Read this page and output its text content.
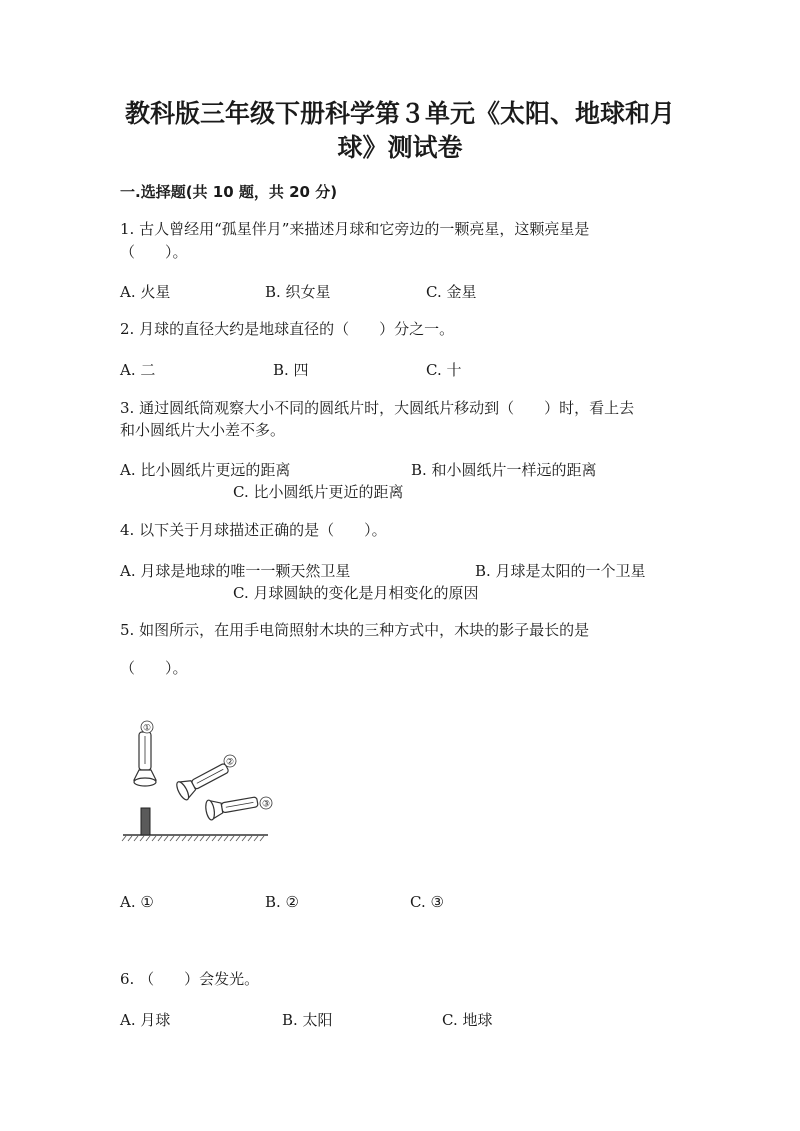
教科版三年级下册科学第３单元《太阳、地球和月
球》测试卷
一.选择题(共 10 题，共 20 分)
1. 古人曾经用“孤星伴月”来描述月球和它旁边的一颗亮星，这颗亮星是
（　　）。
A. 火星	B. 织女星	C. 金星
2. 月球的直径大约是地球直径的（　　）分之一。
A. 二	B. 四	C. 十
3. 通过圆纸筒观察大小不同的圆纸片时，大圆纸片移动到（　　）时，看上去
和小圆纸片大小差不多。
A. 比小圆纸片更远的距离	B. 和小圆纸片一样远的距离
C. 比小圆纸片更近的距离
4. 以下关于月球描述正确的是（　　）。
A. 月球是地球的唯一一颗天然卫星	B. 月球是太阳的一个卫星
C. 月球圆缺的变化是月相变化的原因
5. 如图所示，在用手电筒照射木块的三种方式中，木块的影子最长的是
（　　）。
①
②
③
A. ①	B. ②	C. ③
6. （　　）会发光。
A. 月球	B. 太阳	C. 地球
